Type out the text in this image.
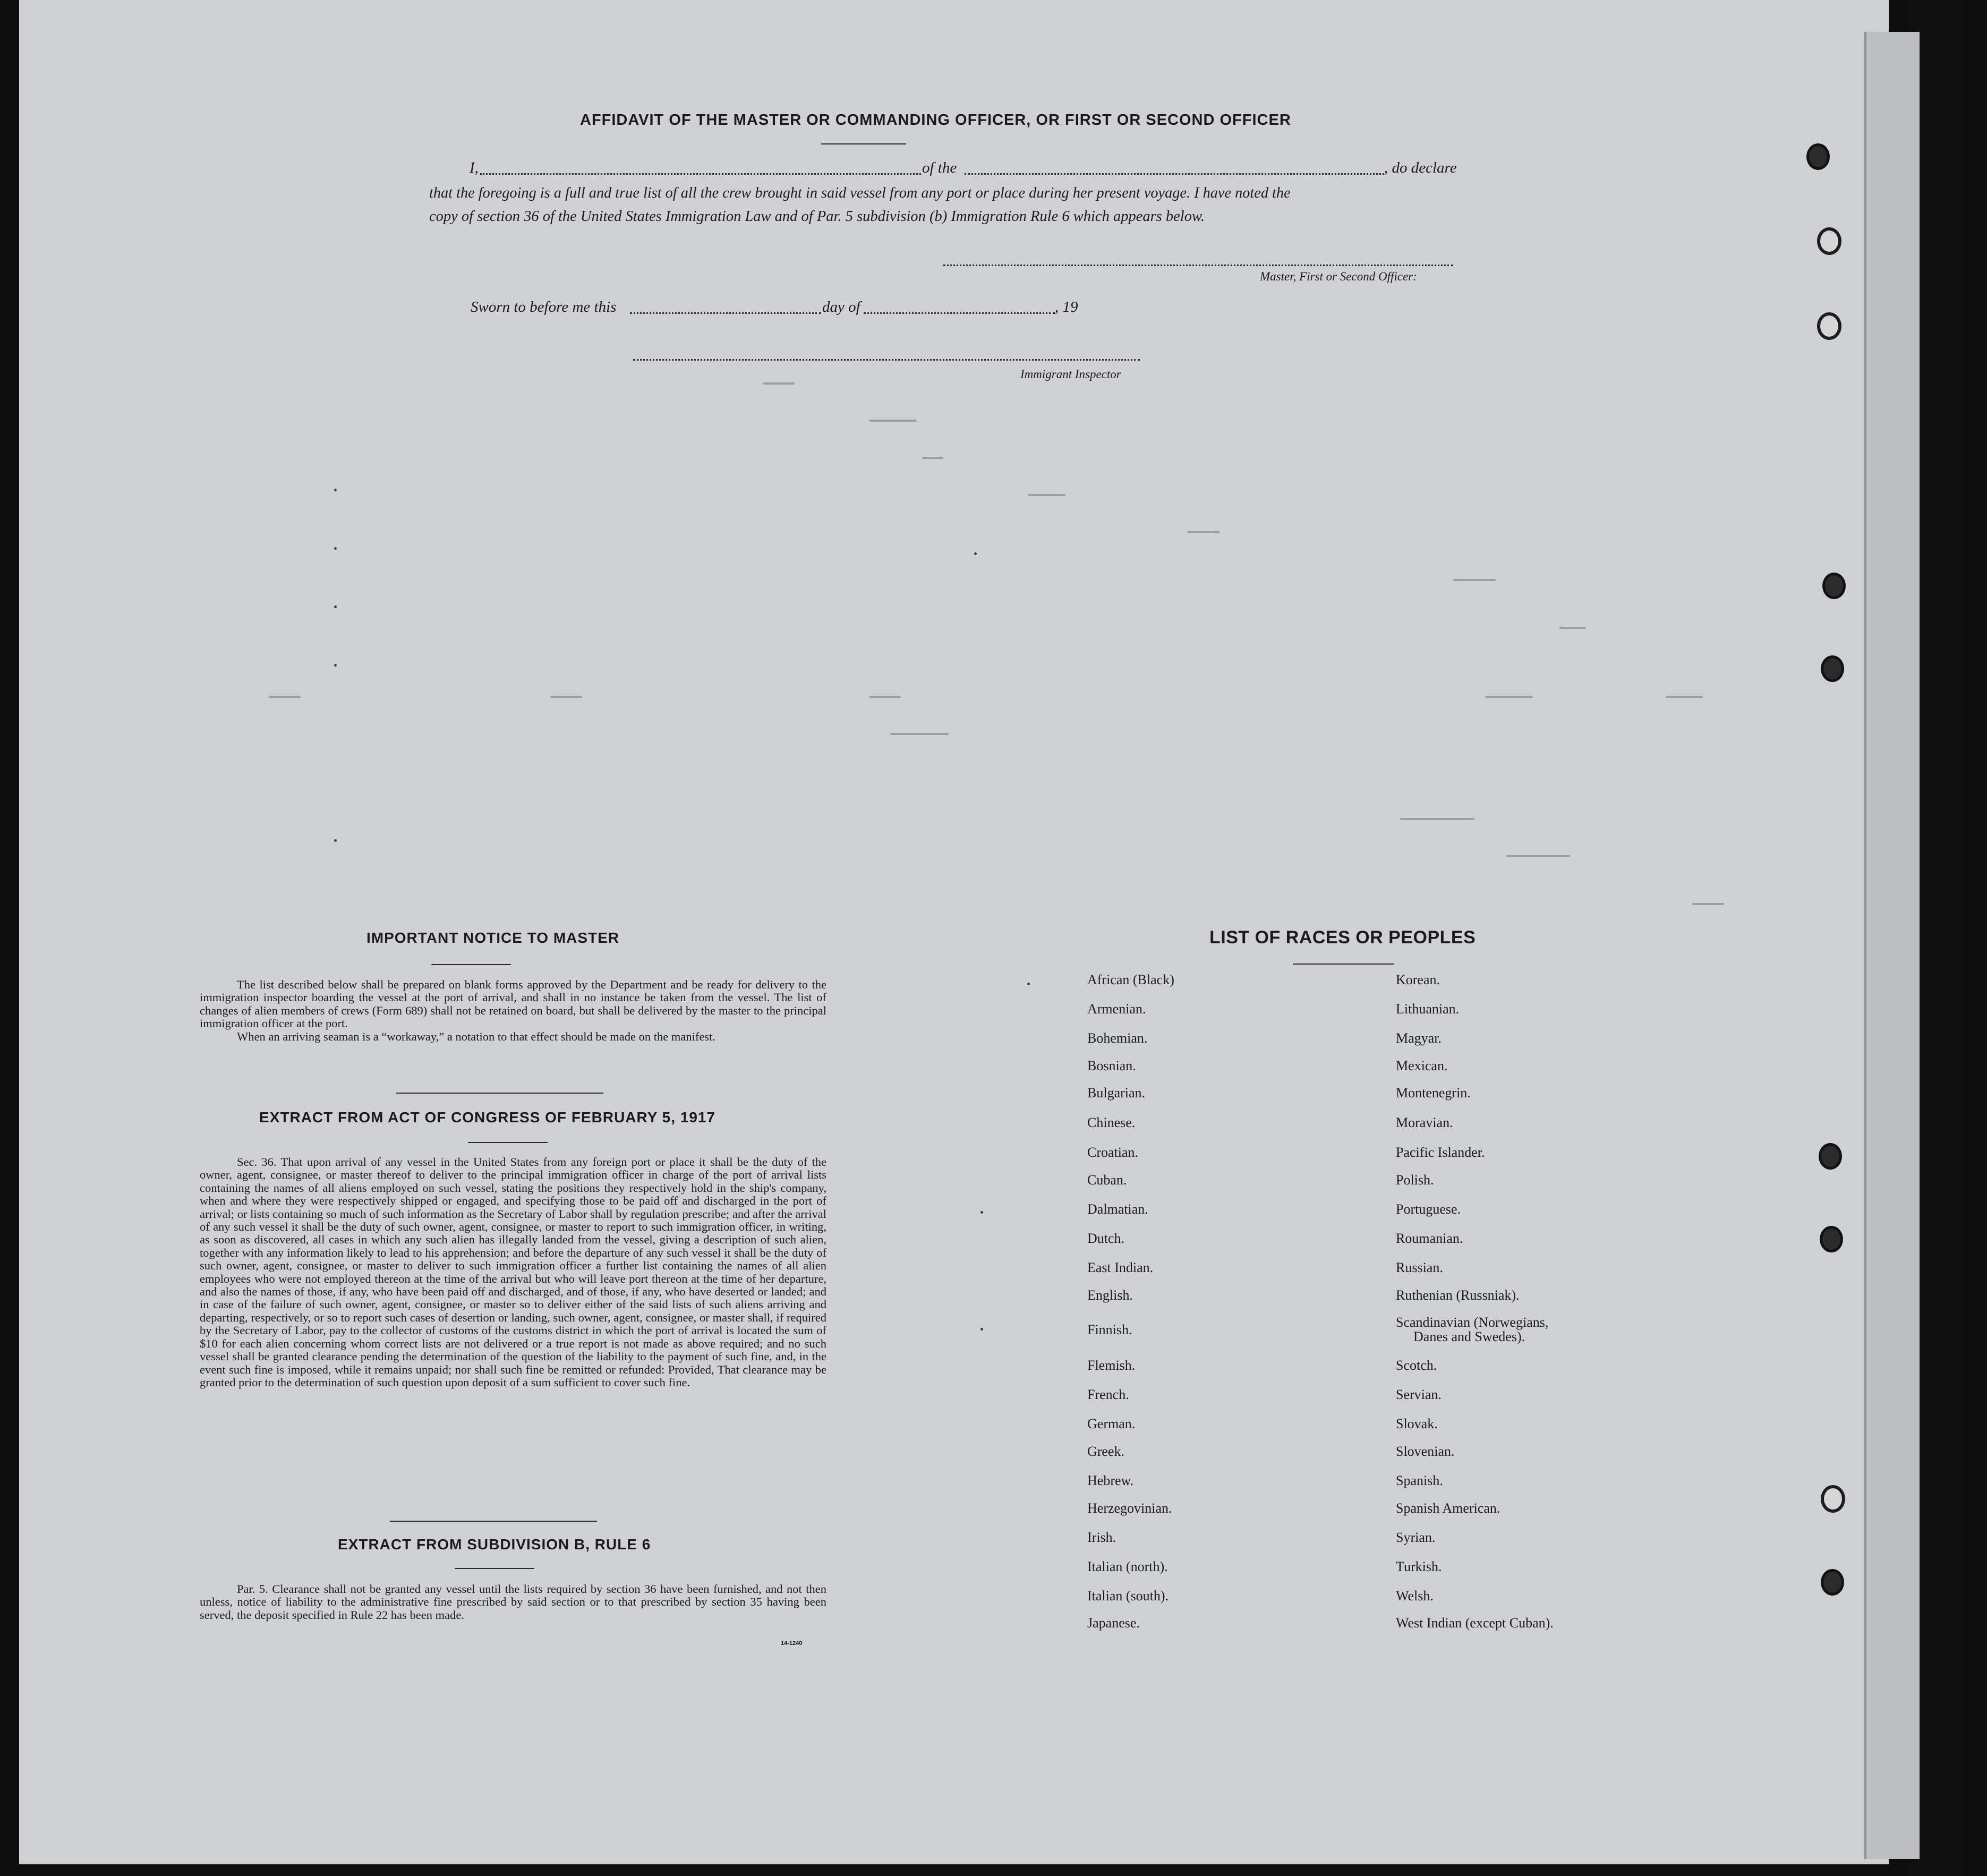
AFFIDAVIT OF THE MASTER OR COMMANDING OFFICER, OR FIRST OR SECOND OFFICER
I,	of the	, do declare
that the foregoing is a full and true list of all the crew brought in said vessel from any port or place during her present voyage. I have noted the
copy of section 36 of the United States Immigration Law and of Par. 5 subdivision (b) Immigration Rule 6 which appears below.
Master, First or Second Officer:
Sworn to before me this	day of	, 19
Immigrant Inspector
IMPORTANT NOTICE TO MASTER

The list described below shall be prepared on blank forms approved by the Department and be ready for delivery to the immigration inspector boarding the vessel at the port of arrival, and shall in no instance be taken from the vessel. The list of changes of alien members of crews (Form 689) shall not be retained on board, but shall be delivered by the master to the principal immigration officer at the port.

When an arriving seaman is a “workaway,” a notation to that effect should be made on the manifest.

EXTRACT FROM ACT OF CONGRESS OF FEBRUARY 5, 1917

Sec. 36. That upon arrival of any vessel in the United States from any foreign port or place it shall be the duty of the owner, agent, consignee, or master thereof to deliver to the principal immigration officer in charge of the port of arrival lists containing the names of all aliens employed on such vessel, stating the positions they respectively hold in the ship's company, when and where they were respectively shipped or engaged, and specifying those to be paid off and discharged in the port of arrival; or lists containing so much of such information as the Secretary of Labor shall by regulation prescribe; and after the arrival of any such vessel it shall be the duty of such owner, agent, consignee, or master to report to such immigration officer, in writing, as soon as discovered, all cases in which any such alien has illegally landed from the vessel, giving a description of such alien, together with any information likely to lead to his apprehension; and before the departure of any such vessel it shall be the duty of such owner, agent, consignee, or master to deliver to such immigration officer a further list containing the names of all alien employees who were not employed thereon at the time of the arrival but who will leave port thereon at the time of her departure, and also the names of those, if any, who have been paid off and discharged, and of those, if any, who have deserted or landed; and in case of the failure of such owner, agent, consignee, or master so to deliver either of the said lists of such aliens arriving and departing, respectively, or so to report such cases of desertion or landing, such owner, agent, consignee, or master shall, if required by the Secretary of Labor, pay to the collector of customs of the customs district in which the port of arrival is located the sum of $10 for each alien concerning whom correct lists are not delivered or a true report is not made as above required; and no such vessel shall be granted clearance pending the determination of the question of the liability to the payment of such fine, and, in the event such fine is imposed, while it remains unpaid; nor shall such fine be remitted or refunded: Provided, That clearance may be granted prior to the determination of such question upon deposit of a sum sufficient to cover such fine.

EXTRACT FROM SUBDIVISION B, RULE 6

Par. 5. Clearance shall not be granted any vessel until the lists required by section 36 have been furnished, and not then unless, notice of liability to the administrative fine prescribed by said section or to that prescribed by section 35 having been served, the deposit specified in Rule 22 has been made.

14-1240
LIST OF RACES OR PEOPLES
African (Black)
Armenian.
Bohemian.
Bosnian.
Bulgarian.
Chinese.
Croatian.
Cuban.
Dalmatian.
Dutch.
East Indian.
English.
Finnish.
Flemish.
French.
German.
Greek.
Hebrew.
Herzegovinian.
Irish.
Italian (north).
Italian (south).
Japanese.
Korean.
Lithuanian.
Magyar.
Mexican.
Montenegrin.
Moravian.
Pacific Islander.
Polish.
Portuguese.
Roumanian.
Russian.
Ruthenian (Russniak).
Scandinavian (Norwegians,
Danes and Swedes).
Scotch.
Servian.
Slovak.
Slovenian.
Spanish.
Spanish American.
Syrian.
Turkish.
Welsh.
West Indian (except Cuban).
